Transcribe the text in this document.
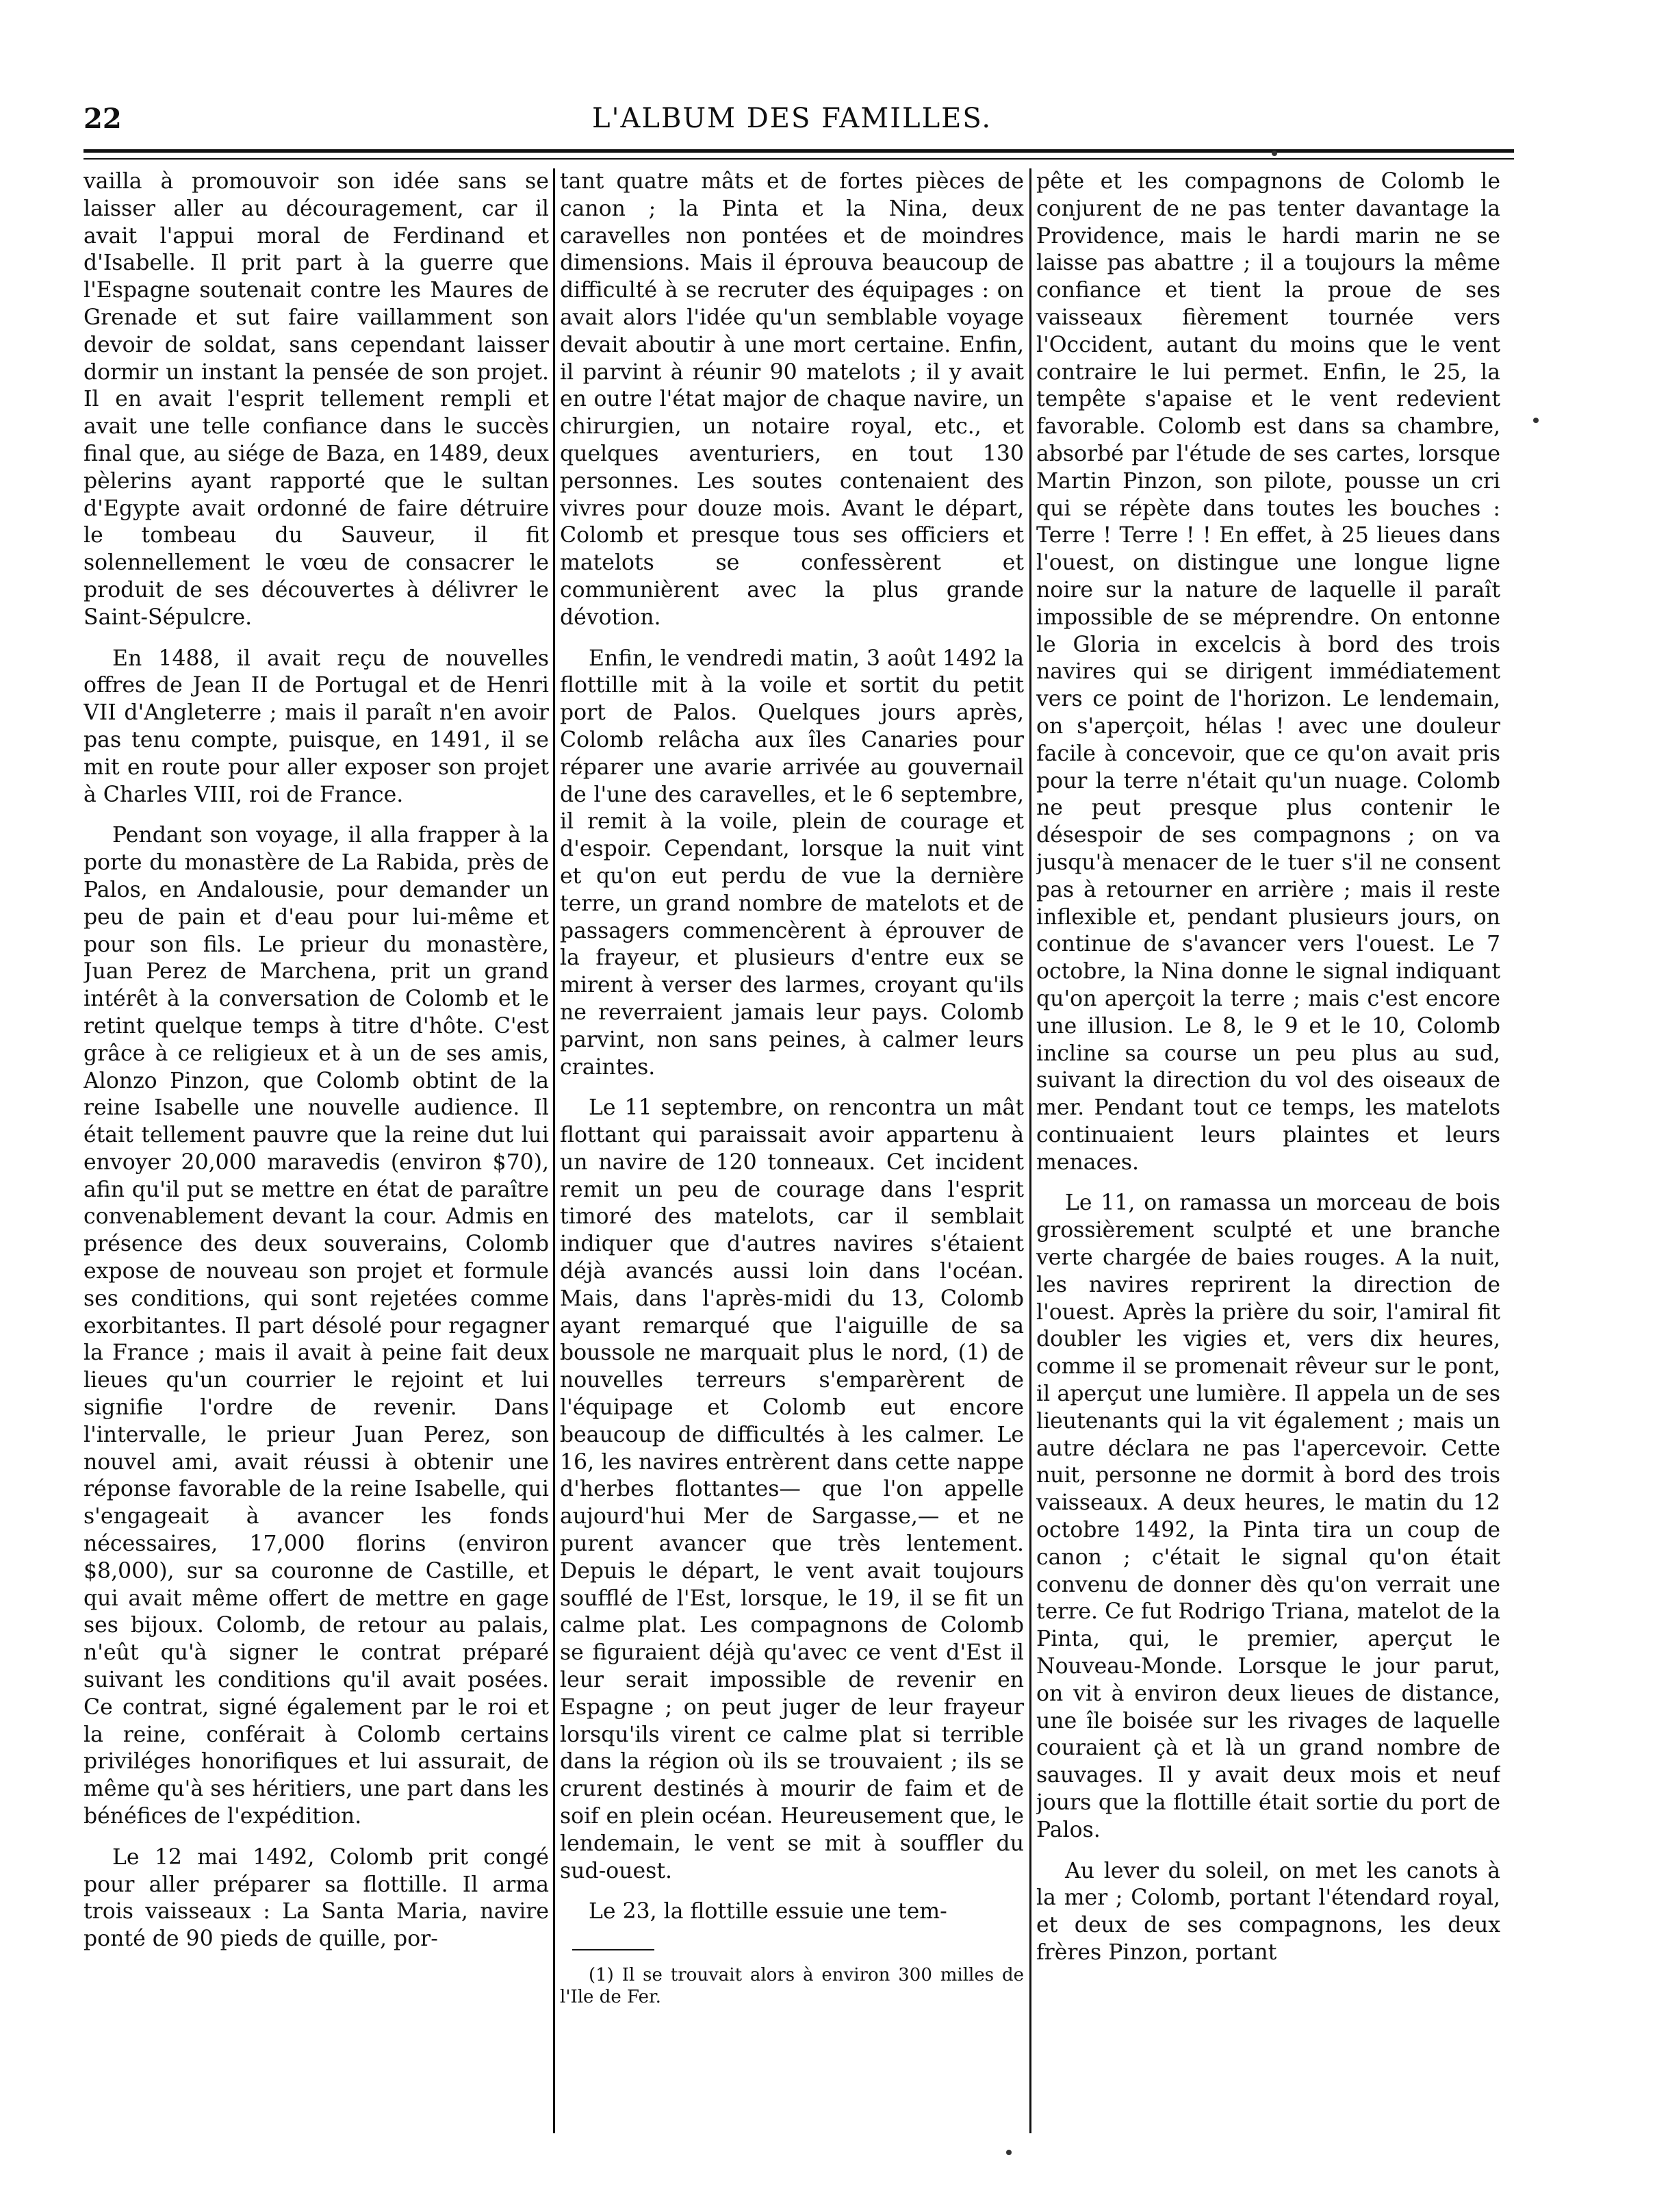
22	L'ALBUM DES FAMILLES.

vailla à promouvoir son idée sans se laisser aller au découragement, car il avait l'appui moral de Ferdinand et d'Isabelle. Il prit part à la guerre que l'Espagne soutenait contre les Maures de Grenade et sut faire vaillamment son devoir de soldat, sans cependant laisser dormir un instant la pensée de son projet. Il en avait l'esprit tellement rempli et avait une telle confiance dans le succès final que, au siége de Baza, en 1489, deux pèlerins ayant rapporté que le sultan d'Egypte avait ordonné de faire détruire le tombeau du Sauveur, il fit solennellement le vœu de consacrer le produit de ses découvertes à délivrer le Saint-Sépulcre.

En 1488, il avait reçu de nouvelles offres de Jean II de Portugal et de Henri VII d'Angleterre ; mais il paraît n'en avoir pas tenu compte, puisque, en 1491, il se mit en route pour aller exposer son projet à Charles VIII, roi de France.

Pendant son voyage, il alla frapper à la porte du monastère de La Rabida, près de Palos, en Andalousie, pour demander un peu de pain et d'eau pour lui-même et pour son fils. Le prieur du monastère, Juan Perez de Marchena, prit un grand intérêt à la conversation de Colomb et le retint quelque temps à titre d'hôte. C'est grâce à ce religieux et à un de ses amis, Alonzo Pinzon, que Colomb obtint de la reine Isabelle une nouvelle audience. Il était tellement pauvre que la reine dut lui envoyer 20,000 maravedis (environ $70), afin qu'il put se mettre en état de paraître convenablement devant la cour. Admis en présence des deux souverains, Colomb expose de nouveau son projet et formule ses conditions, qui sont rejetées comme exorbitantes. Il part désolé pour regagner la France ; mais il avait à peine fait deux lieues qu'un courrier le rejoint et lui signifie l'ordre de revenir. Dans l'intervalle, le prieur Juan Perez, son nouvel ami, avait réussi à obtenir une réponse favorable de la reine Isabelle, qui s'engageait à avancer les fonds nécessaires, 17,000 florins (environ $8,000), sur sa couronne de Castille, et qui avait même offert de mettre en gage ses bijoux. Colomb, de retour au palais, n'eût qu'à signer le contrat préparé suivant les conditions qu'il avait posées. Ce contrat, signé également par le roi et la reine, conférait à Colomb certains priviléges honorifiques et lui assurait, de même qu'à ses héritiers, une part dans les bénéfices de l'expédition.

Le 12 mai 1492, Colomb prit congé pour aller préparer sa flottille. Il arma trois vaisseaux : La Santa Maria, navire ponté de 90 pieds de quille, por-

tant quatre mâts et de fortes pièces de canon ; la Pinta et la Nina, deux caravelles non pontées et de moindres dimensions. Mais il éprouva beaucoup de difficulté à se recruter des équipages : on avait alors l'idée qu'un semblable voyage devait aboutir à une mort certaine. Enfin, il parvint à réunir 90 matelots ; il y avait en outre l'état major de chaque navire, un chirurgien, un notaire royal, etc., et quelques aventuriers, en tout 130 personnes. Les soutes contenaient des vivres pour douze mois. Avant le départ, Colomb et presque tous ses officiers et matelots se confessèrent et communièrent avec la plus grande dévotion.

Enfin, le vendredi matin, 3 août 1492 la flottille mit à la voile et sortit du petit port de Palos. Quelques jours après, Colomb relâcha aux îles Canaries pour réparer une avarie arrivée au gouvernail de l'une des caravelles, et le 6 septembre, il remit à la voile, plein de courage et d'espoir. Cependant, lorsque la nuit vint et qu'on eut perdu de vue la dernière terre, un grand nombre de matelots et de passagers commencèrent à éprouver de la frayeur, et plusieurs d'entre eux se mirent à verser des larmes, croyant qu'ils ne reverraient jamais leur pays. Colomb parvint, non sans peines, à calmer leurs craintes.

Le 11 septembre, on rencontra un mât flottant qui paraissait avoir appartenu à un navire de 120 tonneaux. Cet incident remit un peu de courage dans l'esprit timoré des matelots, car il semblait indiquer que d'autres navires s'étaient déjà avancés aussi loin dans l'océan. Mais, dans l'après-midi du 13, Colomb ayant remarqué que l'aiguille de sa boussole ne marquait plus le nord, (1) de nouvelles terreurs s'emparèrent de l'équipage et Colomb eut encore beaucoup de difficultés à les calmer. Le 16, les navires entrèrent dans cette nappe d'herbes flottantes— que l'on appelle aujourd'hui Mer de Sargasse,— et ne purent avancer que très lentement. Depuis le départ, le vent avait toujours soufflé de l'Est, lorsque, le 19, il se fit un calme plat. Les compagnons de Colomb se figuraient déjà qu'avec ce vent d'Est il leur serait impossible de revenir en Espagne ; on peut juger de leur frayeur lorsqu'ils virent ce calme plat si terrible dans la région où ils se trouvaient ; ils se crurent destinés à mourir de faim et de soif en plein océan. Heureusement que, le lendemain, le vent se mit à souffler du sud-ouest.

Le 23, la flottille essuie une tem-

(1) Il se trouvait alors à environ 300 milles de l'Ile de Fer.

pête et les compagnons de Colomb le conjurent de ne pas tenter davantage la Providence, mais le hardi marin ne se laisse pas abattre ; il a toujours la même confiance et tient la proue de ses vaisseaux fièrement tournée vers l'Occident, autant du moins que le vent contraire le lui permet. Enfin, le 25, la tempête s'apaise et le vent redevient favorable. Colomb est dans sa chambre, absorbé par l'étude de ses cartes, lorsque Martin Pinzon, son pilote, pousse un cri qui se répète dans toutes les bouches : Terre ! Terre ! ! En effet, à 25 lieues dans l'ouest, on distingue une longue ligne noire sur la nature de laquelle il paraît impossible de se méprendre. On entonne le Gloria in excelcis à bord des trois navires qui se dirigent immédiatement vers ce point de l'horizon. Le lendemain, on s'aperçoit, hélas ! avec une douleur facile à concevoir, que ce qu'on avait pris pour la terre n'était qu'un nuage. Colomb ne peut presque plus contenir le désespoir de ses compagnons ; on va jusqu'à menacer de le tuer s'il ne consent pas à retourner en arrière ; mais il reste inflexible et, pendant plusieurs jours, on continue de s'avancer vers l'ouest. Le 7 octobre, la Nina donne le signal indiquant qu'on aperçoit la terre ; mais c'est encore une illusion. Le 8, le 9 et le 10, Colomb incline sa course un peu plus au sud, suivant la direction du vol des oiseaux de mer. Pendant tout ce temps, les matelots continuaient leurs plaintes et leurs menaces.

Le 11, on ramassa un morceau de bois grossièrement sculpté et une branche verte chargée de baies rouges. A la nuit, les navires reprirent la direction de l'ouest. Après la prière du soir, l'amiral fit doubler les vigies et, vers dix heures, comme il se promenait rêveur sur le pont, il aperçut une lumière. Il appela un de ses lieutenants qui la vit également ; mais un autre déclara ne pas l'apercevoir. Cette nuit, personne ne dormit à bord des trois vaisseaux. A deux heures, le matin du 12 octobre 1492, la Pinta tira un coup de canon ; c'était le signal qu'on était convenu de donner dès qu'on verrait une terre. Ce fut Rodrigo Triana, matelot de la Pinta, qui, le premier, aperçut le Nouveau-Monde. Lorsque le jour parut, on vit à environ deux lieues de distance, une île boisée sur les rivages de laquelle couraient çà et là un grand nombre de sauvages. Il y avait deux mois et neuf jours que la flottille était sortie du port de Palos.

Au lever du soleil, on met les canots à la mer ; Colomb, portant l'étendard royal, et deux de ses compagnons, les deux frères Pinzon, portant
